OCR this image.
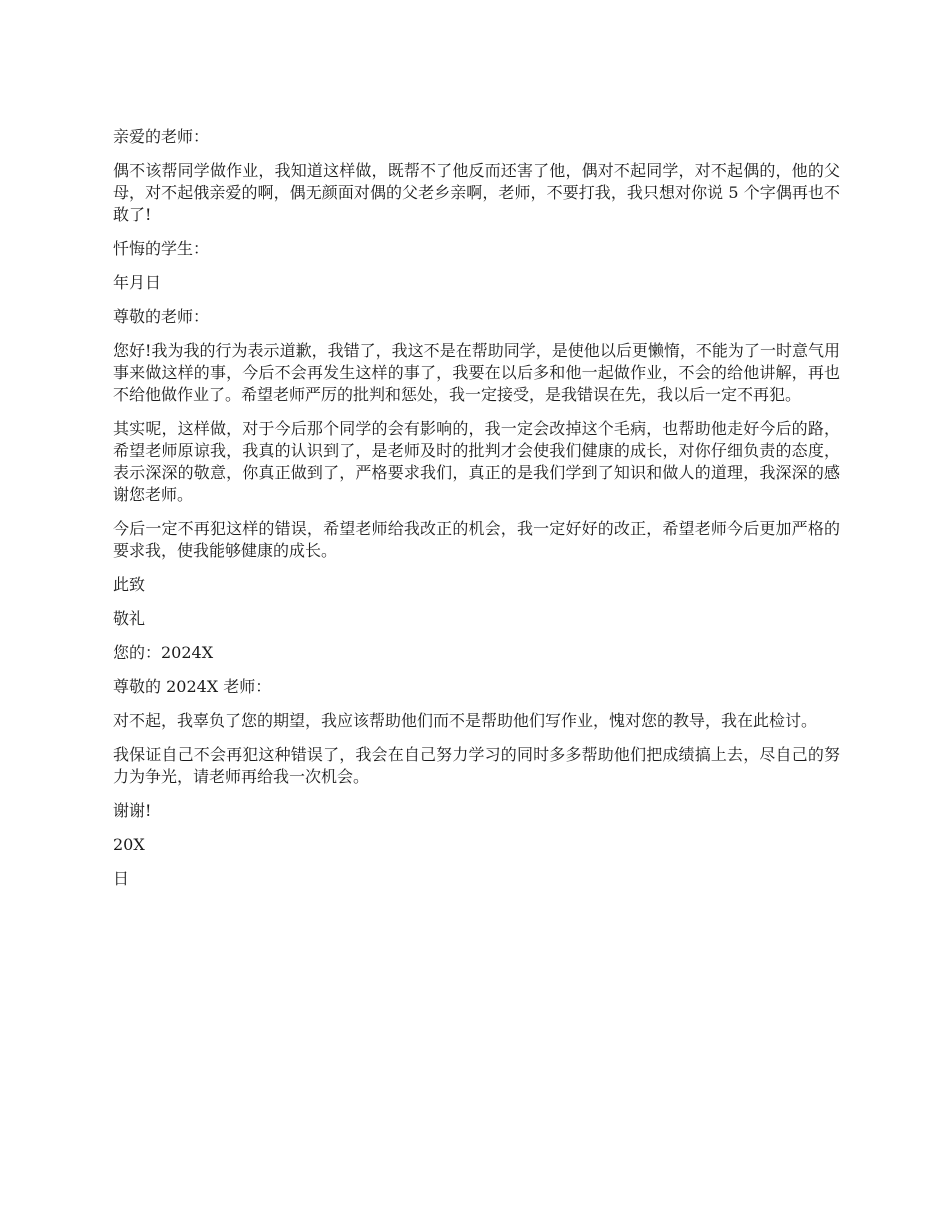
亲爱的老师：

偶不该帮同学做作业，我知道这样做，既帮不了他反而还害了他，偶对不起同学，对不起偶的，他的父母，对不起俄亲爱的啊，偶无颜面对偶的父老乡亲啊，老师，不要打我，我只想对你说 5 个字偶再也不敢了!

忏悔的学生：

年月日

尊敬的老师：

您好!我为我的行为表示道歉，我错了，我这不是在帮助同学，是使他以后更懒惰，不能为了一时意气用事来做这样的事，今后不会再发生这样的事了，我要在以后多和他一起做作业，不会的给他讲解，再也不给他做作业了。希望老师严厉的批判和惩处，我一定接受，是我错误在先，我以后一定不再犯。

其实呢，这样做，对于今后那个同学的会有影响的，我一定会改掉这个毛病，也帮助他走好今后的路，希望老师原谅我，我真的认识到了，是老师及时的批判才会使我们健康的成长，对你仔细负责的态度，表示深深的敬意，你真正做到了，严格要求我们，真正的是我们学到了知识和做人的道理，我深深的感谢您老师。

今后一定不再犯这样的错误，希望老师给我改正的机会，我一定好好的改正，希望老师今后更加严格的要求我，使我能够健康的成长。

此致

敬礼

您的：2024X

尊敬的 2024X 老师：

对不起，我辜负了您的期望，我应该帮助他们而不是帮助他们写作业，愧对您的教导，我在此检讨。

我保证自己不会再犯这种错误了，我会在自己努力学习的同时多多帮助他们把成绩搞上去，尽自己的努力为争光，请老师再给我一次机会。

谢谢!

20X

日
